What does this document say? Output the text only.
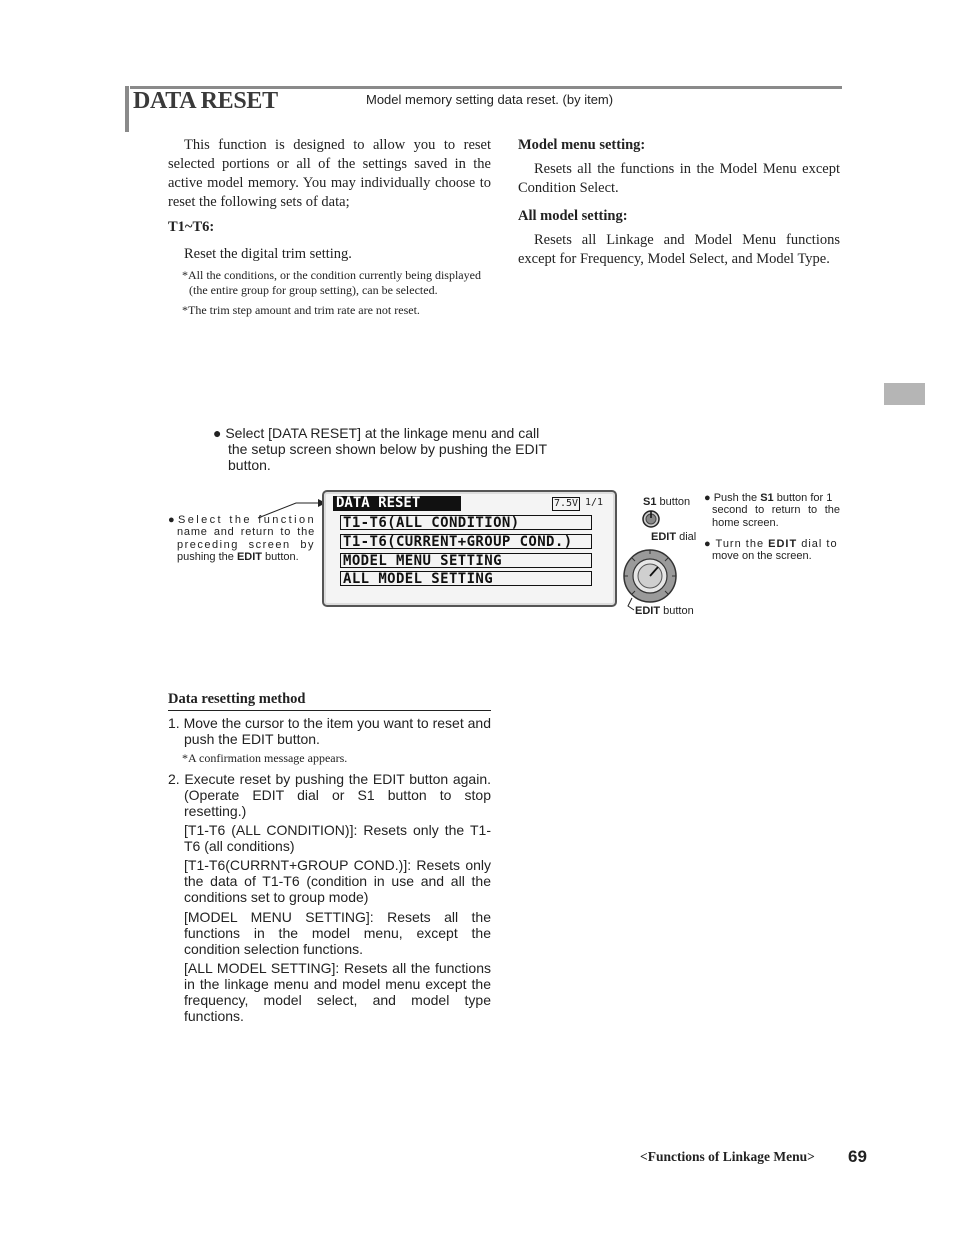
DATA RESET	Model memory setting data reset. (by item)
This function is designed to allow you to reset selected portions or all of the settings saved in the active model memory. You may individually choose to reset the following sets of data;
T1~T6:
Reset the digital trim setting.
*All the conditions, or the condition currently being displayed
(the entire group for group setting), can be selected.
*The trim step amount and trim rate are not reset.
Model menu setting:
Resets all the functions in the Model Menu except Condition Select.
All model setting:
Resets all Linkage and Model Menu functions except for Frequency, Model Select, and Model Type.
● Select [DATA RESET] at the linkage menu and call
the setup screen shown below by pushing the EDIT
button.
●Select the function
name and return to the
preceding screen by
pushing the EDIT button.
DATA RESET	7.5V 1/1
T1-T6(ALL CONDITION)
T1-T6(CURRENT+GROUP COND.)
MODEL MENU SETTING
ALL MODEL SETTING
S1 button
EDIT dial
EDIT button
● Push the S1 button for 1
second to return to the
home screen.
● Turn the EDIT dial to
move on the screen.
Data resetting method
1. Move the cursor to the item you want to reset and push the EDIT button.
*A confirmation message appears.
2. Execute reset by pushing the EDIT button again. (Operate EDIT dial or S1 button to stop resetting.)
[T1-T6 (ALL CONDITION)]: Resets only the T1-T6 (all conditions)
[T1-T6(CURRNT+GROUP COND.)]: Resets only the data of T1-T6 (condition in use and all the conditions set to group mode)
[MODEL MENU SETTING]: Resets all the functions in the model menu, except the condition selection functions.
[ALL MODEL SETTING]: Resets all the functions in the linkage menu and model menu except the frequency, model select, and model type functions.
<Functions of Linkage Menu> 69
